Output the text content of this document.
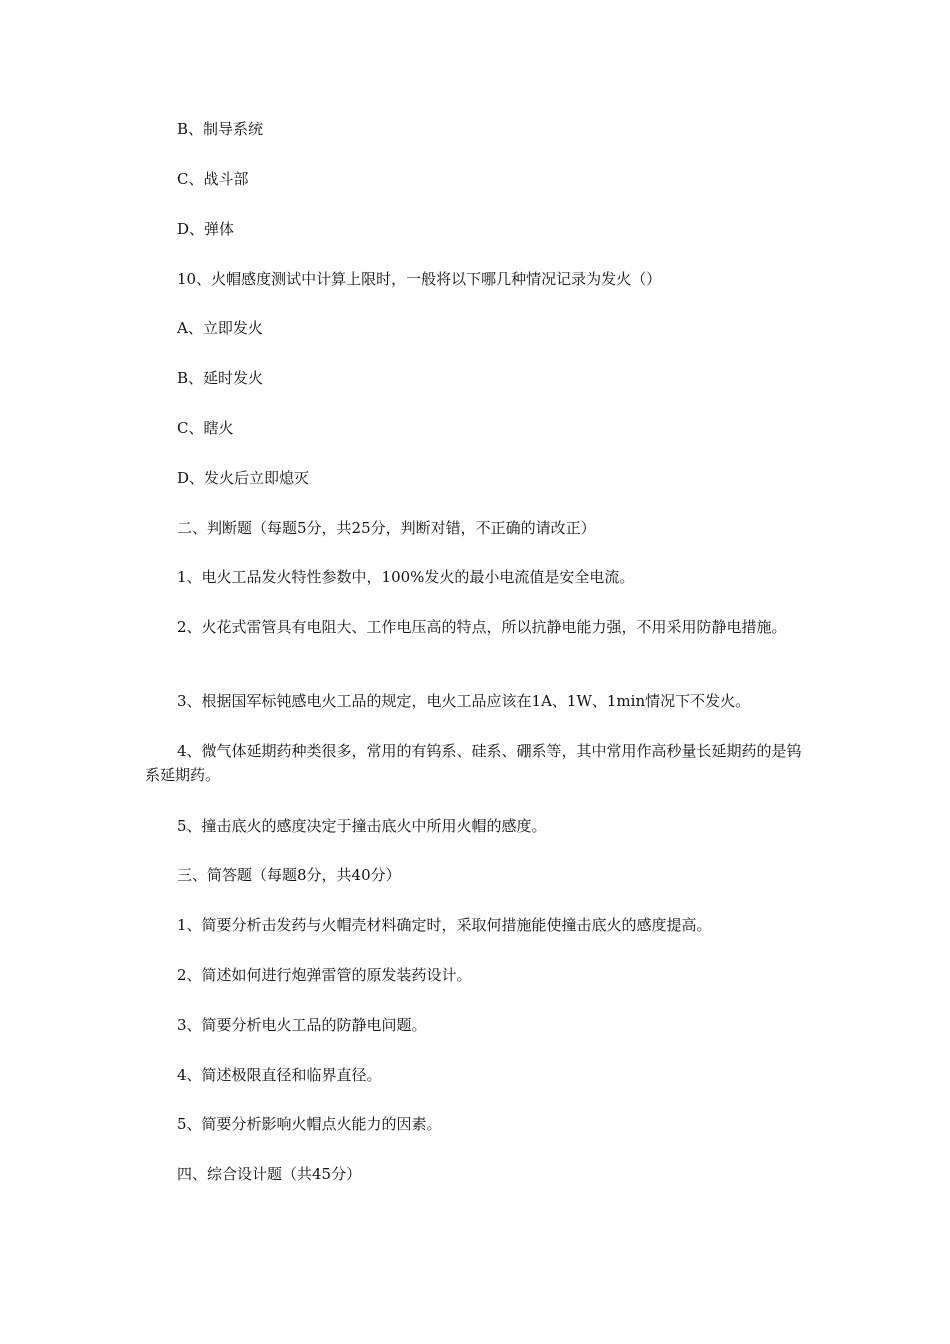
B、制导系统
C、战斗部
D、弹体
10、火帽感度测试中计算上限时，一般将以下哪几种情况记录为发火（）
A、立即发火
B、延时发火
C、瞎火
D、发火后立即熄灭
二、判断题（每题5分，共25分，判断对错，不正确的请改正）
1、电火工品发火特性参数中，100%发火的最小电流值是安全电流。
2、火花式雷管具有电阻大、工作电压高的特点，所以抗静电能力强，不用采用防静电措施。
3、根据国军标钝感电火工品的规定，电火工品应该在1A、1W、1min情况下不发火。
4、微气体延期药种类很多，常用的有钨系、硅系、硼系等，其中常用作高秒量长延期药的是钨系延期药。
5、撞击底火的感度决定于撞击底火中所用火帽的感度。
三、简答题（每题8分，共40分）
1、简要分析击发药与火帽壳材料确定时，采取何措施能使撞击底火的感度提高。
2、简述如何进行炮弹雷管的原发装药设计。
3、简要分析电火工品的防静电问题。
4、简述极限直径和临界直径。
5、简要分析影响火帽点火能力的因素。
四、综合设计题（共45分）
